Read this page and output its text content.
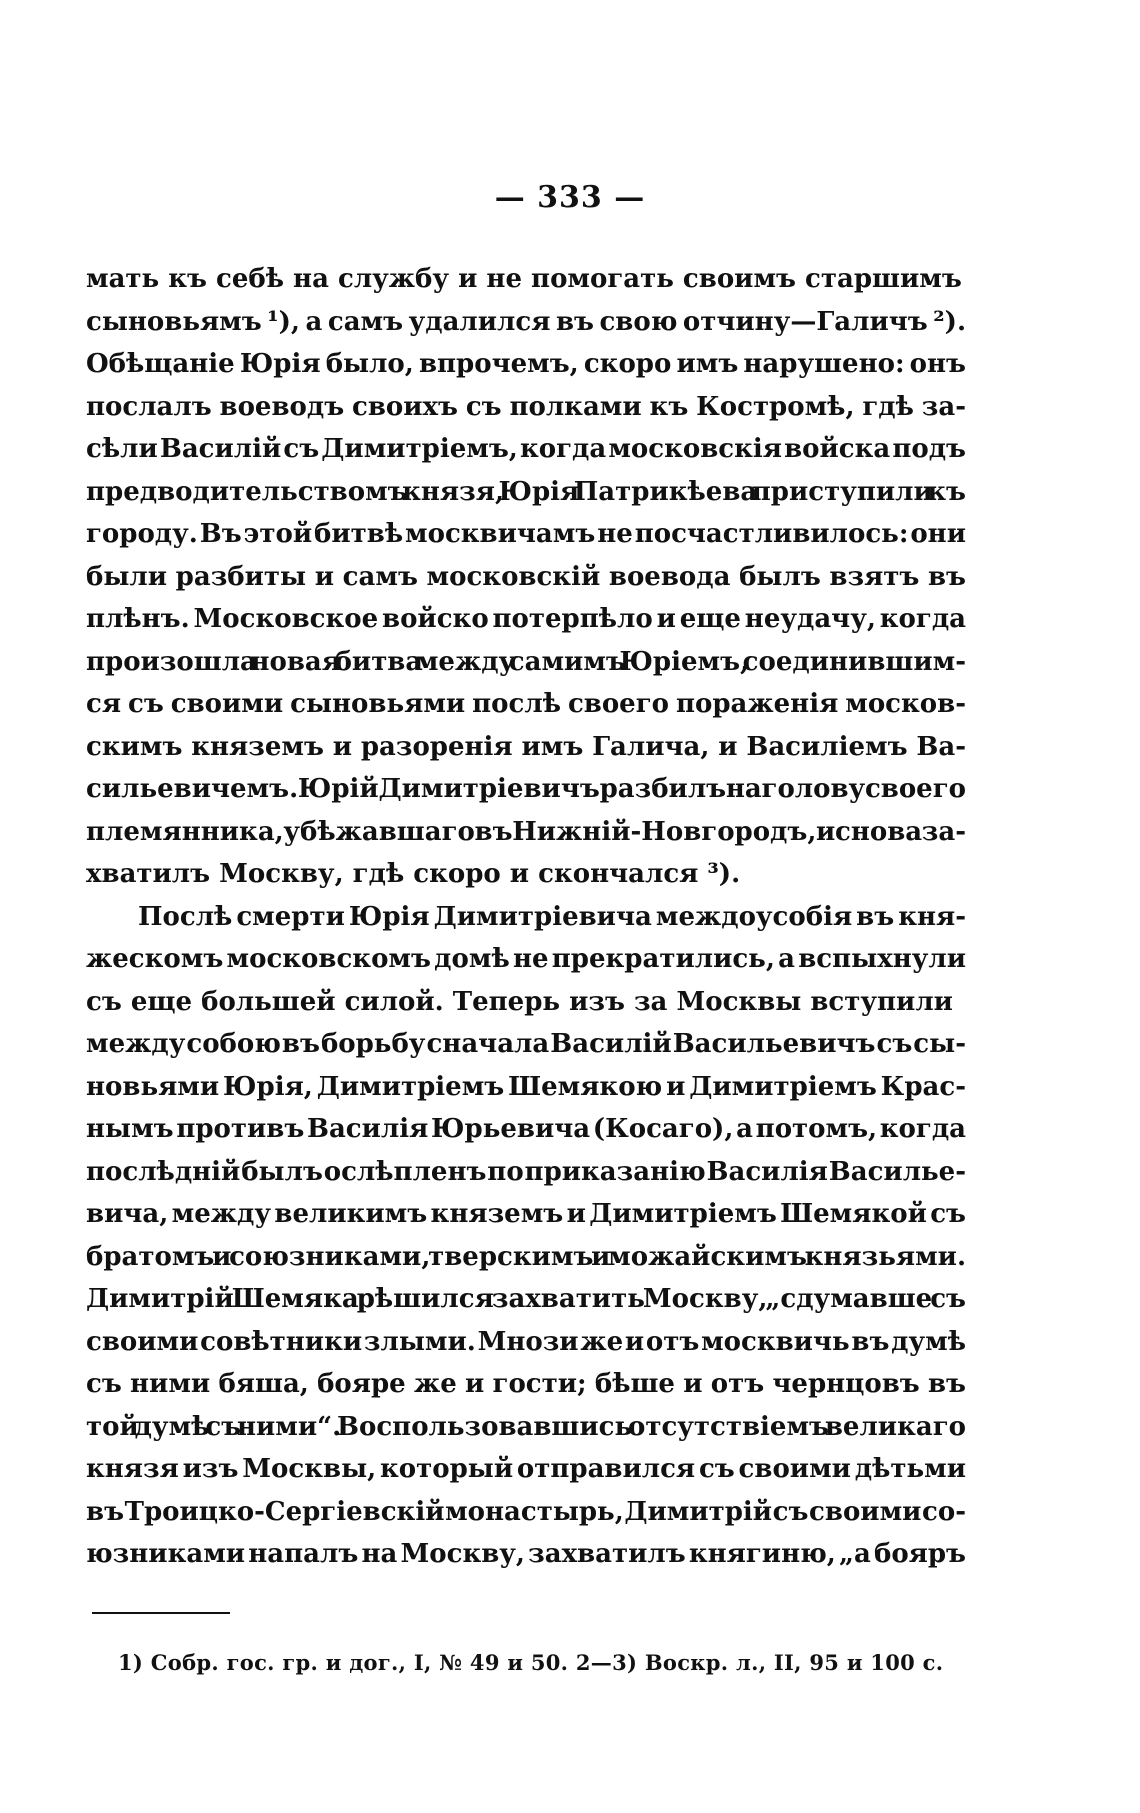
— 333 —
мать къ себѣ на службу и не помогать своимъ старшимъ
сыновьямъ ¹), а самъ удалился въ свою отчину—Галичъ ²).
Обѣщаніе Юрія было, впрочемъ, скоро имъ нарушено: онъ
послалъ воеводъ своихъ съ полками къ Костромѣ, гдѣ за-
сѣли Василій съ Димитріемъ, когда московскія войска подъ
предводительствомъ князя, Юрія Патрикѣева приступили къ
городу. Въ этой битвѣ москвичамъ не посчастливилось: они
были разбиты и самъ московскій воевода былъ взятъ въ
плѣнъ. Московское войско потерпѣло и еще неудачу, когда
произошла новая битва между самимъ Юріемъ, соединившим-
ся съ своими сыновьями послѣ своего пораженія москов-
скимъ княземъ и разоренія имъ Галича, и Василіемъ Ва-
сильевичемъ. Юрій Димитріевичъ разбилъ на голову своего
племянника, убѣжавшаго въ Нижній-Новгородъ, и снова за-
хватилъ Москву, гдѣ скоро и скончался ³).
Послѣ смерти Юрія Димитріевича междоусобія въ кня-
жескомъ московскомъ домѣ не прекратились, а вспыхнули
съ еще большей силой. Теперь изъ за Москвы вступили
между собою въ борьбу сначала Василій Васильевичъ съ сы-
новьями Юрія, Димитріемъ Шемякою и Димитріемъ Крас-
нымъ противъ Василія Юрьевича (Косаго), а потомъ, когда
послѣдній былъ ослѣпленъ по приказанію Василія Василье-
вича, между великимъ княземъ и Димитріемъ Шемякой съ
братомъ и союзниками, тверскимъ и можайскимъ князьями.
Димитрій Шемяка рѣшился захватить Москву, „сдумавше съ
своими совѣтники злыми. Мнози же и отъ москвичь въ думѣ
съ ними бяша, бояре же и гости; бѣше и отъ чернцовъ въ
той думѣ съ ними“. Воспользовавшись отсутствіемъ великаго
князя изъ Москвы, который отправился съ своими дѣтьми
въ Троицко-Сергіевскій монастырь, Димитрій съ своими со-
юзниками напалъ на Москву, захватилъ княгиню, „а бояръ
1) Собр. гос. гр. и дог., I, № 49 и 50. 2—3) Воскр. л., II, 95 и 100 с.
